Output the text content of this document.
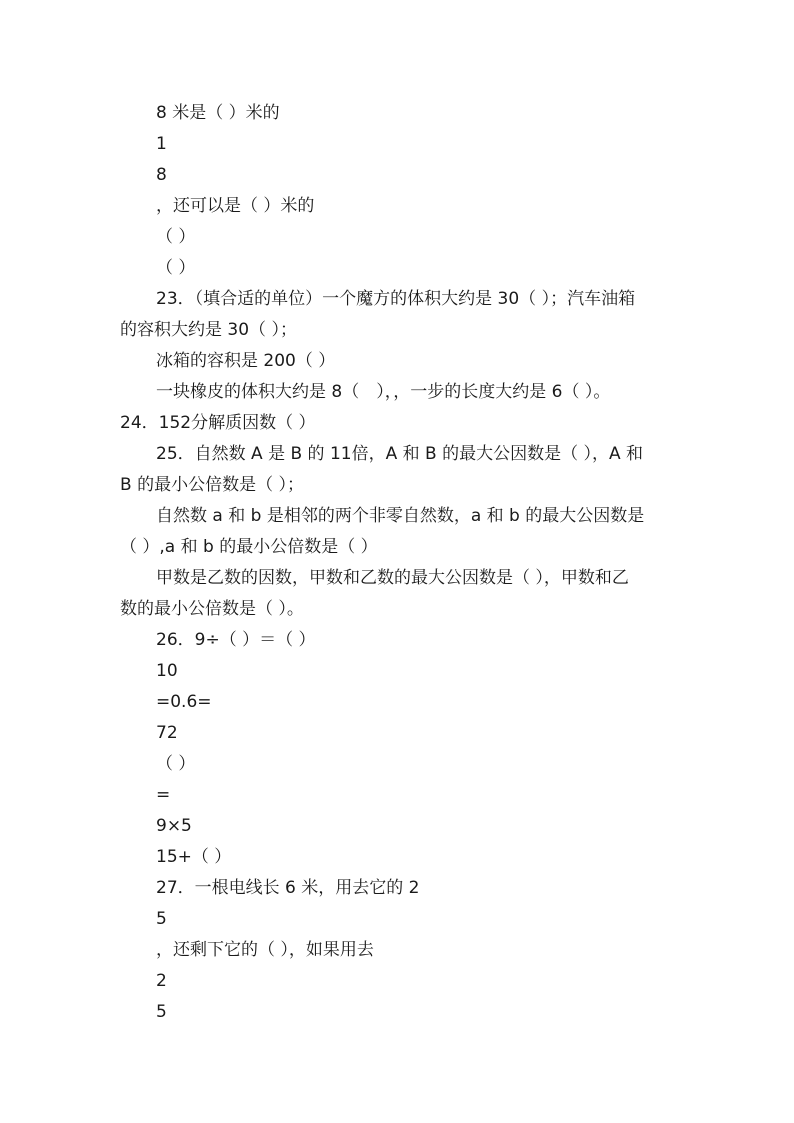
8 米是（ ）米的
1
8
，还可以是（ ）米的
（ ）
（ ）
23．（填合适的单位）一个魔方的体积大约是 30（ ）；汽车油箱
的容积大约是 30（ ）；
冰箱的容积是 200（ ）
一块橡皮的体积大约是 8（　），，一步的长度大约是 6（ ）。
24．152分解质因数（ ）
25．自然数 A 是 B 的 11倍，A 和 B 的最大公因数是（ ），A 和
B 的最小公倍数是（ ）；
自然数 a 和 b 是相邻的两个非零自然数，a 和 b 的最大公因数是
（ ）,a 和 b 的最小公倍数是（ ）
甲数是乙数的因数，甲数和乙数的最大公因数是（ ），甲数和乙
数的最小公倍数是（ ）。
26．9÷（ ）＝（ ）
10
=0.6=
72
（ ）
=
9×5
15+（ ）
27．一根电线长 6 米，用去它的 2
5
，还剩下它的（ ），如果用去
2
5
